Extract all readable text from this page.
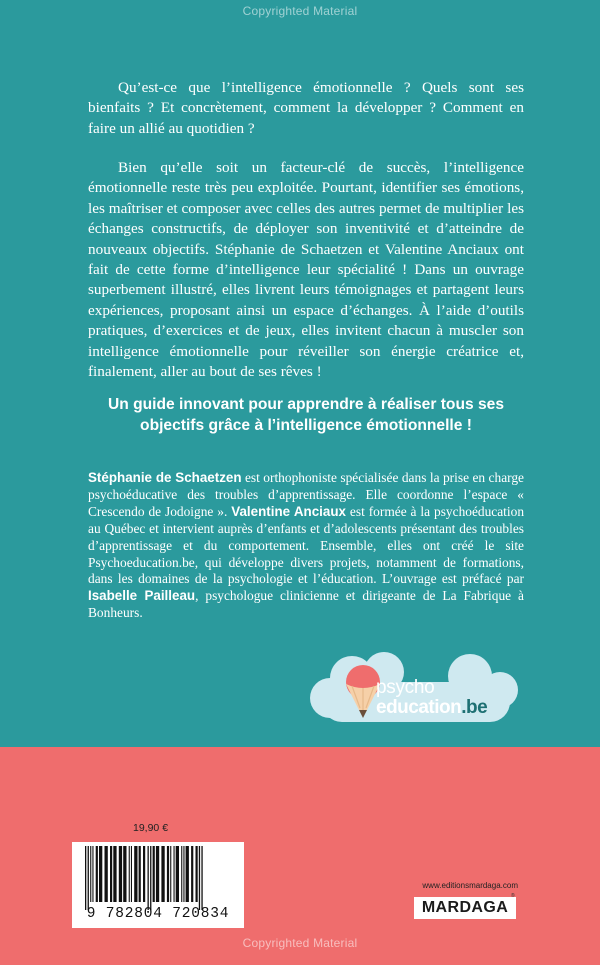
Copyrighted Material

Qu’est-ce que l’intelligence émotionnelle ? Quels sont ses bienfaits ? Et concrètement, comment la développer ? Comment en faire un allié au quotidien ?

Bien qu’elle soit un facteur-clé de succès, l’intelligence émotionnelle reste très peu exploitée. Pourtant, identifier ses émotions, les maîtriser et composer avec celles des autres permet de multiplier les échanges constructifs, de déployer son inventivité et d’atteindre de nouveaux objectifs. Stéphanie de Schaetzen et Valentine Anciaux ont fait de cette forme d’intelligence leur spécialité ! Dans un ouvrage superbement illustré, elles livrent leurs témoignages et partagent leurs expériences, proposant ainsi un espace d’échanges. À l’aide d’outils pratiques, d’exercices et de jeux, elles invitent chacun à muscler son intelligence émotionnelle pour réveiller son énergie créatrice et, finalement, aller au bout de ses rêves !

Un guide innovant pour apprendre à réaliser tous ses objectifs grâce à l’intelligence émotionnelle !

Stéphanie de Schaetzen est orthophoniste spécialisée dans la prise en charge psychoéducative des troubles d’apprentissage. Elle coordonne l’espace « Crescendo de Jodoigne ». Valentine Anciaux est formée à la psychoéducation au Québec et intervient auprès d’enfants et d’adolescents présentant des troubles d’apprentissage et du comportement. Ensemble, elles ont créé le site Psychoeducation.be, qui développe divers projets, notamment de formations, dans les domaines de la psychologie et l’éducation. L’ouvrage est préfacé par Isabelle Pailleau, psychologue clinicienne et dirigeante de La Fabrique à Bonheurs.

psycho
education.be
19,90 €
9 782804 720834
www.editionsmardaga.com
MARDAGA
®
Copyrighted Material
